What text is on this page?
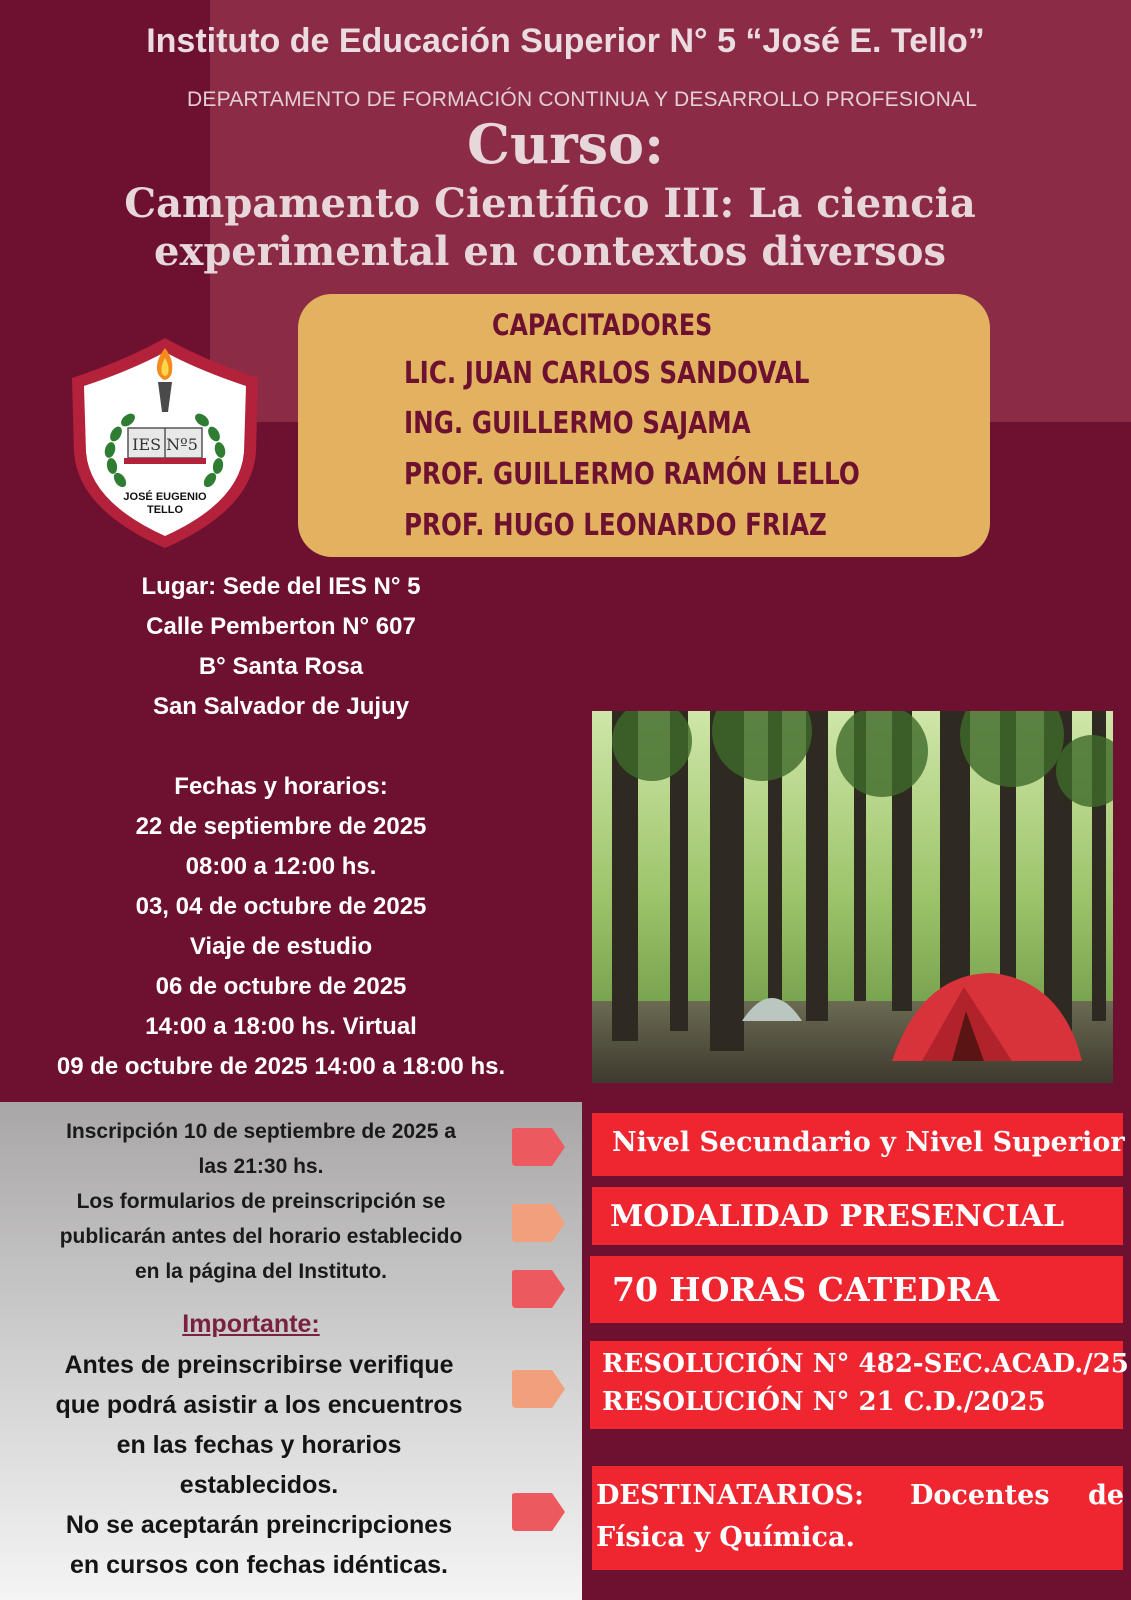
Instituto de Educación Superior N° 5 “José E. Tello”
DEPARTAMENTO DE FORMACIÓN CONTINUA Y DESARROLLO PROFESIONAL
Curso:
Campamento Científico III: La ciencia
experimental en contextos diversos
IES Nº5
JOSÉ EUGENIO
TELLO
CAPACITADORES
LIC. JUAN CARLOS SANDOVAL
ING. GUILLERMO SAJAMA
PROF. GUILLERMO RAMÓN LELLO
PROF. HUGO LEONARDO FRIAZ
Lugar: Sede del IES N° 5
Calle Pemberton N° 607
B° Santa Rosa
San Salvador de Jujuy
Fechas y horarios:
22 de septiembre de 2025
08:00 a 12:00 hs.
03, 04 de octubre de 2025
Viaje de estudio
06 de octubre de 2025
14:00 a 18:00 hs. Virtual
09 de octubre de 2025 14:00 a 18:00 hs.
Inscripción 10 de septiembre de 2025 a
las 21:30 hs.
Los formularios de preinscripción se
publicarán antes del horario establecido
en la página del Instituto.
Importante:
Antes de preinscribirse verifique
que podrá asistir a los encuentros
en las fechas y horarios
establecidos.
No se aceptarán preincripciones
en cursos con fechas idénticas.
Nivel Secundario y Nivel Superior
MODALIDAD PRESENCIAL
70 HORAS CATEDRA
RESOLUCIÓN N° 482-SEC.ACAD./25
RESOLUCIÓN N° 21 C.D./2025
DESTINATARIOS: Docentes de
Física y Química.
